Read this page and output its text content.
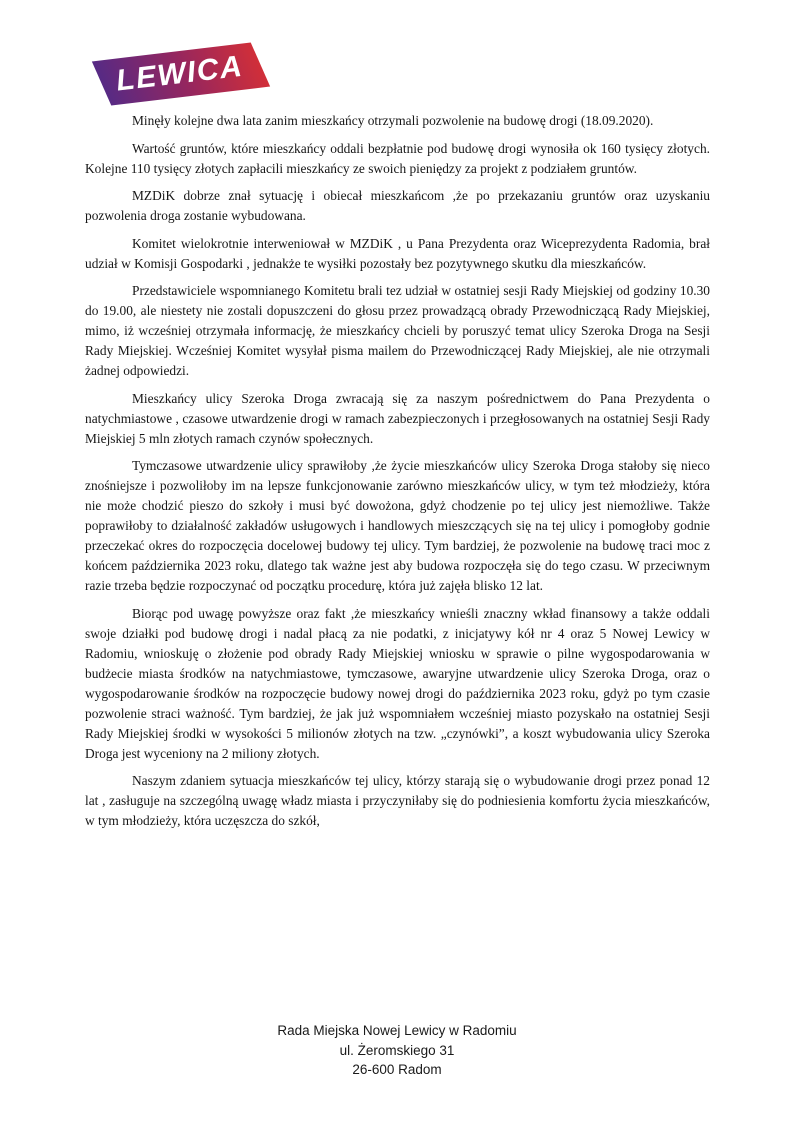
LEWICA

Minęły kolejne dwa lata zanim mieszkańcy otrzymali pozwolenie na budowę drogi (18.09.2020).

Wartość gruntów, które mieszkańcy oddali bezpłatnie pod budowę drogi wynosiła ok 160 tysięcy złotych. Kolejne 110 tysięcy złotych zapłacili mieszkańcy ze swoich pieniędzy za projekt z podziałem gruntów.

MZDiK dobrze znał sytuację i obiecał mieszkańcom ,że po przekazaniu gruntów oraz uzyskaniu pozwolenia droga zostanie wybudowana.

Komitet wielokrotnie interweniował w MZDiK , u Pana Prezydenta oraz Wiceprezydenta Radomia, brał udział w Komisji Gospodarki , jednakże te wysiłki pozostały bez pozytywnego skutku dla mieszkańców.

Przedstawiciele wspomnianego Komitetu brali tez udział w ostatniej sesji Rady Miejskiej od godziny 10.30 do 19.00, ale niestety nie zostali dopuszczeni do głosu przez prowadzącą obrady Przewodniczącą Rady Miejskiej, mimo, iż wcześniej otrzymała informację, że mieszkańcy chcieli by poruszyć temat ulicy Szeroka Droga na Sesji Rady Miejskiej. Wcześniej Komitet wysyłał pisma mailem do Przewodniczącej Rady Miejskiej, ale nie otrzymali żadnej odpowiedzi.

Mieszkańcy ulicy Szeroka Droga zwracają się za naszym pośrednictwem do Pana Prezydenta o natychmiastowe , czasowe utwardzenie drogi w ramach zabezpieczonych i przegłosowanych na ostatniej Sesji Rady Miejskiej 5 mln złotych ramach czynów społecznych.

Tymczasowe utwardzenie ulicy sprawiłoby ,że życie mieszkańców ulicy Szeroka Droga stałoby się nieco znośniejsze i pozwoliłoby im na lepsze funkcjonowanie zarówno mieszkańców ulicy, w tym też młodzieży, która nie może chodzić pieszo do szkoły i musi być dowożona, gdyż chodzenie po tej ulicy jest niemożliwe. Także poprawiłoby to działalność zakładów usługowych i handlowych mieszczących się na tej ulicy i pomogłoby godnie przeczekać okres do rozpoczęcia docelowej budowy tej ulicy. Tym bardziej, że pozwolenie na budowę traci moc z końcem października 2023 roku, dlatego tak ważne jest aby budowa rozpoczęła się do tego czasu. W przeciwnym razie trzeba będzie rozpoczynać od początku procedurę, która już zajęła blisko 12 lat.

Biorąc pod uwagę powyższe oraz fakt ,że mieszkańcy wnieśli znaczny wkład finansowy a także oddali swoje działki pod budowę drogi i nadal płacą za nie podatki, z inicjatywy kół nr 4 oraz 5 Nowej Lewicy w Radomiu, wnioskuję o złożenie pod obrady Rady Miejskiej wniosku w sprawie o pilne wygospodarowania w budżecie miasta środków na natychmiastowe, tymczasowe, awaryjne utwardzenie ulicy Szeroka Droga, oraz o wygospodarowanie środków na rozpoczęcie budowy nowej drogi do października 2023 roku, gdyż po tym czasie pozwolenie straci ważność. Tym bardziej, że jak już wspomniałem wcześniej miasto pozyskało na ostatniej Sesji Rady Miejskiej środki w wysokości 5 milionów złotych na tzw. „czynówki”, a koszt wybudowania ulicy Szeroka Droga jest wyceniony na 2 miliony złotych.

Naszym zdaniem sytuacja mieszkańców tej ulicy, którzy starają się o wybudowanie drogi przez ponad 12 lat , zasługuje na szczególną uwagę władz miasta i przyczyniłaby się do podniesienia komfortu życia mieszkańców, w tym młodzieży, która uczęszcza do szkół,

Rada Miejska Nowej Lewicy w Radomiu
ul. Żeromskiego 31
26-600 Radom
